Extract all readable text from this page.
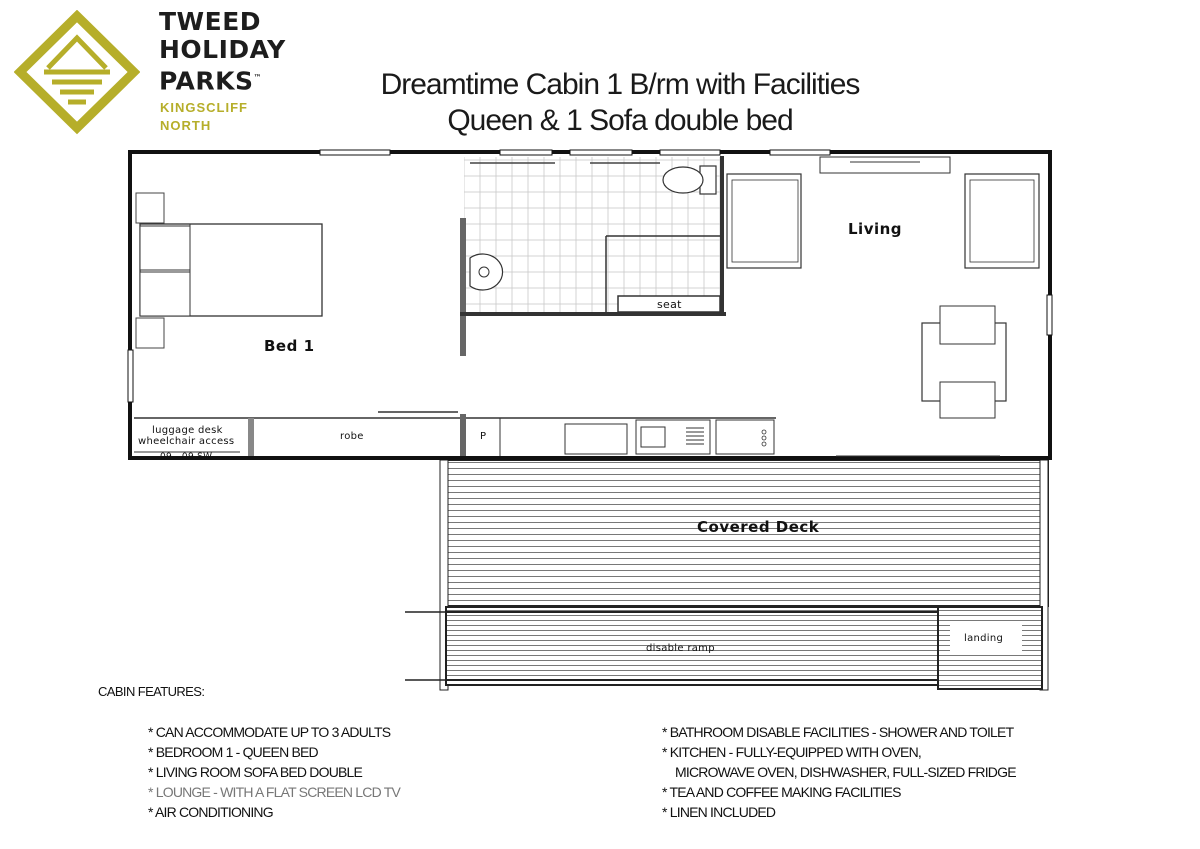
TWEED
HOLIDAY
PARKS™
KINGSCLIFF
NORTH
Dreamtime Cabin 1 B/rm with Facilities
Queen & 1 Sofa double bed
Bed 1
Living
Covered Deck
seat
luggage desk
wheelchair access	robe	P
disable ramp
landing
09 - 09 SW
CABIN FEATURES:
* CAN ACCOMMODATE UP TO 3 ADULTS
* BEDROOM 1 - QUEEN BED
* LIVING ROOM SOFA BED DOUBLE
* LOUNGE - WITH A FLAT SCREEN LCD TV
* AIR CONDITIONING
* BATHROOM DISABLE FACILITIES - SHOWER AND TOILET
* KITCHEN - FULLY-EQUIPPED WITH OVEN,
MICROWAVE OVEN, DISHWASHER, FULL-SIZED FRIDGE
* TEA AND COFFEE MAKING FACILITIES
* LINEN INCLUDED
